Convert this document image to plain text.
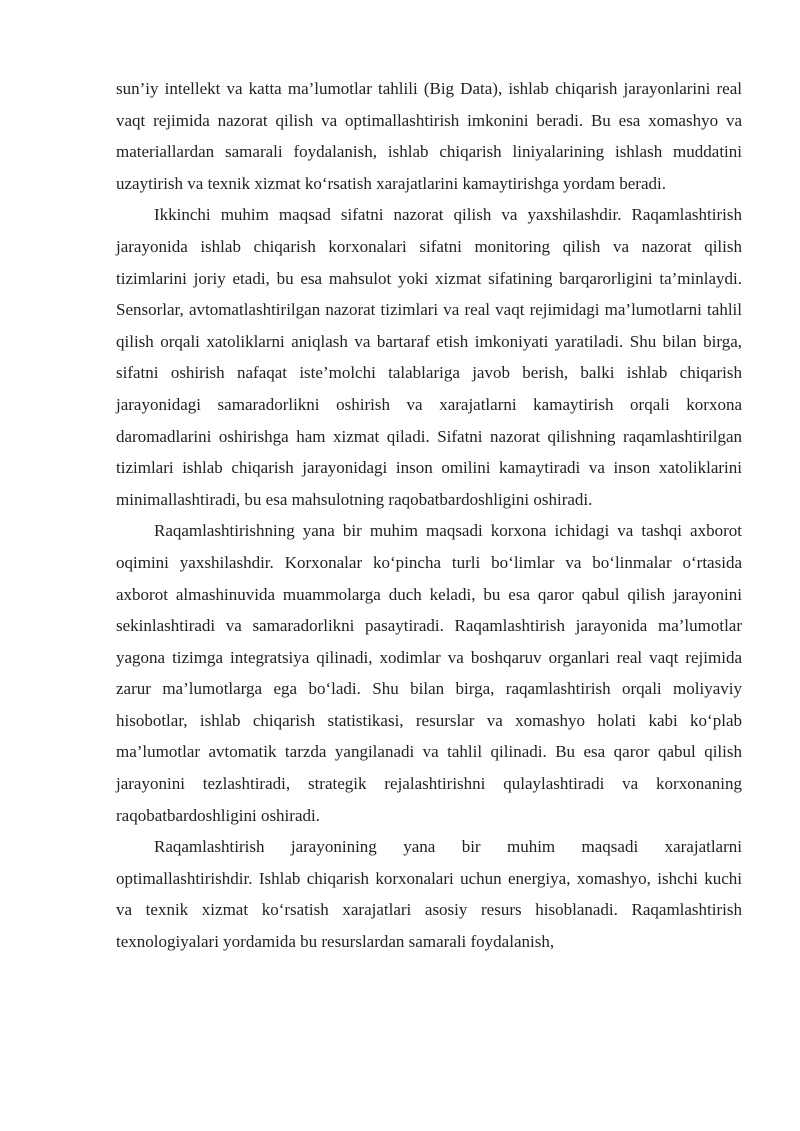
sun’iy intellekt va katta ma’lumotlar tahlili (Big Data), ishlab chiqarish jarayonlarini real vaqt rejimida nazorat qilish va optimallashtirish imkonini beradi. Bu esa xomashyo va materiallardan samarali foydalanish, ishlab chiqarish liniyalarining ishlash muddatini uzaytirish va texnik xizmat ko‘rsatish xarajatlarini kamaytirishga yordam beradi.

Ikkinchi muhim maqsad sifatni nazorat qilish va yaxshilashdir. Raqamlashtirish jarayonida ishlab chiqarish korxonalari sifatni monitoring qilish va nazorat qilish tizimlarini joriy etadi, bu esa mahsulot yoki xizmat sifatining barqarorligini ta’minlaydi. Sensorlar, avtomatlashtirilgan nazorat tizimlari va real vaqt rejimidagi ma’lumotlarni tahlil qilish orqali xatoliklarni aniqlash va bartaraf etish imkoniyati yaratiladi. Shu bilan birga, sifatni oshirish nafaqat iste’molchi talablariga javob berish, balki ishlab chiqarish jarayonidagi samaradorlikni oshirish va xarajatlarni kamaytirish orqali korxona daromadlarini oshirishga ham xizmat qiladi. Sifatni nazorat qilishning raqamlashtirilgan tizimlari ishlab chiqarish jarayonidagi inson omilini kamaytiradi va inson xatoliklarini minimallashtiradi, bu esa mahsulotning raqobatbardoshligini oshiradi.

Raqamlashtirishning yana bir muhim maqsadi korxona ichidagi va tashqi axborot oqimini yaxshilashdir. Korxonalar ko‘pincha turli bo‘limlar va bo‘linmalar o‘rtasida axborot almashinuvida muammolarga duch keladi, bu esa qaror qabul qilish jarayonini sekinlashtiradi va samaradorlikni pasaytiradi. Raqamlashtirish jarayonida ma’lumotlar yagona tizimga integratsiya qilinadi, xodimlar va boshqaruv organlari real vaqt rejimida zarur ma’lumotlarga ega bo‘ladi. Shu bilan birga, raqamlashtirish orqali moliyaviy hisobotlar, ishlab chiqarish statistikasi, resurslar va xomashyo holati kabi ko‘plab ma’lumotlar avtomatik tarzda yangilanadi va tahlil qilinadi. Bu esa qaror qabul qilish jarayonini tezlashtiradi, strategik rejalashtirishni qulaylashtiradi va korxonaning raqobatbardoshligini oshiradi.

Raqamlashtirish jarayonining yana bir muhim maqsadi xarajatlarni optimallashtirishdir. Ishlab chiqarish korxonalari uchun energiya, xomashyo, ishchi kuchi va texnik xizmat ko‘rsatish xarajatlari asosiy resurs hisoblanadi. Raqamlashtirish texnologiyalari yordamida bu resurslardan samarali foydalanish,
